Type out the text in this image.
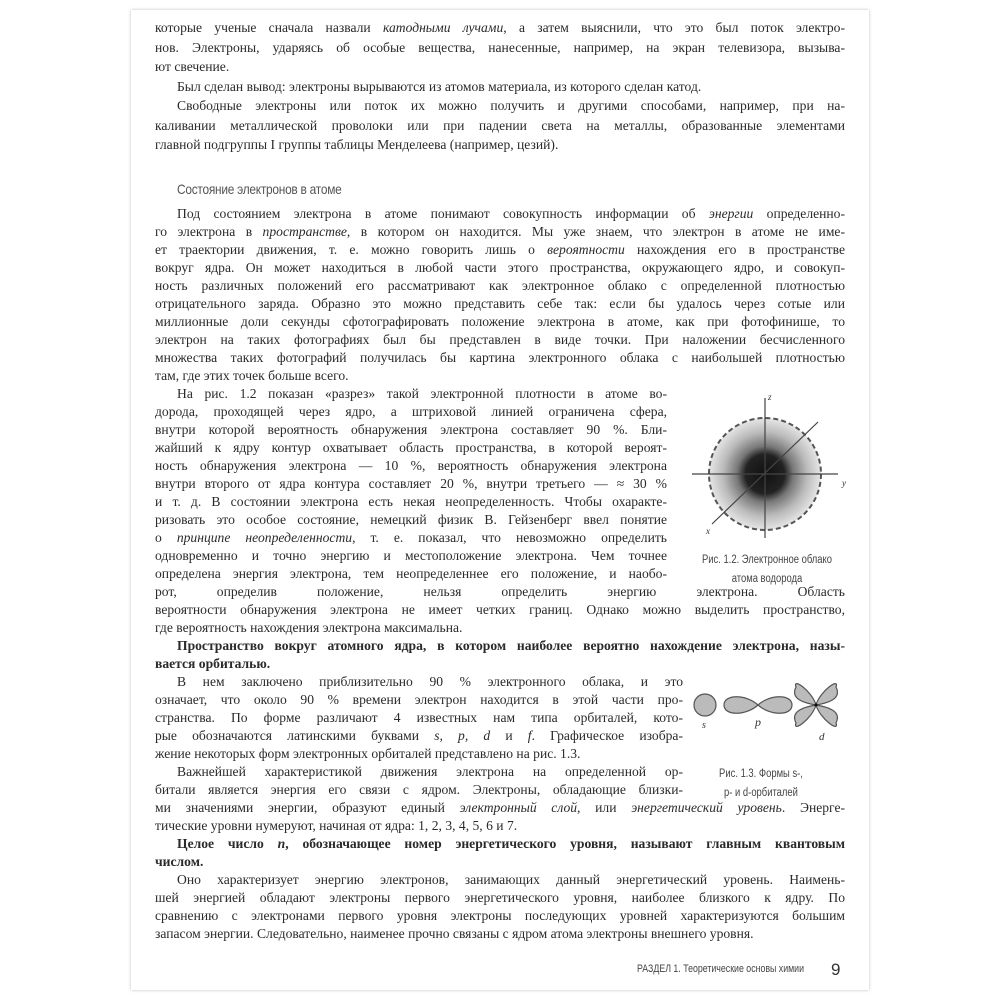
которые ученые сначала назвали катодными лучами, а затем выяснили, что это был поток электро-
нов. Электроны, ударяясь об особые вещества, нанесенные, например, на экран телевизора, вызыва-
ют свечение.
Был сделан вывод: электроны вырываются из атомов материала, из которого сделан катод.
Свободные электроны или поток их можно получить и другими способами, например, при на-
каливании металлической проволоки или при падении света на металлы, образованные элементами
главной подгруппы I группы таблицы Менделеева (например, цезий).
Состояние электронов в атоме
Под состоянием электрона в атоме понимают совокупность информации об энергии определенно-
го электрона в пространстве, в котором он находится. Мы уже знаем, что электрон в атоме не име-
ет траектории движения, т. е. можно говорить лишь о вероятности нахождения его в пространстве
вокруг ядра. Он может находиться в любой части этого пространства, окружающего ядро, и совокуп-
ность различных положений его рассматривают как электронное облако с определенной плотностью
отрицательного заряда. Образно это можно представить себе так: если бы удалось через сотые или
миллионные доли секунды сфотографировать положение электрона в атоме, как при фотофинише, то
электрон на таких фотографиях был бы представлен в виде точки. При наложении бесчисленного
множества таких фотографий получилась бы картина электронного облака с наибольшей плотностью
там, где этих точек больше всего.
На рис. 1.2 показан «разрез» такой электронной плотности в атоме во-
дорода, проходящей через ядро, а штриховой линией ограничена сфера,
внутри которой вероятность обнаружения электрона составляет 90 %. Бли-
жайший к ядру контур охватывает область пространства, в которой вероят-
ность обнаружения электрона — 10 %, вероятность обнаружения электрона
внутри второго от ядра контура составляет 20 %, внутри третьего — ≈ 30 %
и т. д. В состоянии электрона есть некая неопределенность. Чтобы охаракте-
ризовать это особое состояние, немецкий физик В. Гейзенберг ввел понятие
о принципе неопределенности, т. е. показал, что невозможно определить
одновременно и точно энергию и местоположение электрона. Чем точнее
определена энергия электрона, тем неопределеннее его положение, и наобо-
рот, определив положение, нельзя определить энергию электрона. Область
вероятности обнаружения электрона не имеет четких границ. Однако можно выделить пространство,
где вероятность нахождения электрона максимальна.
Пространство вокруг атомного ядра, в котором наиболее вероятно нахождение электрона, назы-
вается орбиталью.
В нем заключено приблизительно 90 % электронного облака, и это
означает, что около 90 % времени электрон находится в этой части про-
странства. По форме различают 4 известных нам типа орбиталей, кото-
рые обозначаются латинскими буквами s, p, d и f. Графическое изобра-
жение некоторых форм электронных орбиталей представлено на рис. 1.3.
Важнейшей характеристикой движения электрона на определенной ор-
битали является энергия его связи с ядром. Электроны, обладающие близки-
ми значениями энергии, образуют единый электронный слой, или энергетический уровень. Энерге-
тические уровни нумеруют, начиная от ядра: 1, 2, 3, 4, 5, 6 и 7.
Целое число n, обозначающее номер энергетического уровня, называют главным квантовым
числом.
Оно характеризует энергию электронов, занимающих данный энергетический уровень. Наимень-
шей энергией обладают электроны первого энергетического уровня, наиболее близкого к ядру. По
сравнению с электронами первого уровня электроны последующих уровней характеризуются большим
запасом энергии. Следовательно, наименее прочно связаны с ядром атома электроны внешнего уровня.
z
y
x
Рис. 1.2. Электронное облако
атома водорода
s	p
d
Рис. 1.3. Формы s-,
p- и d-орбиталей
РАЗДЕЛ 1. Теоретические основы химии 9
